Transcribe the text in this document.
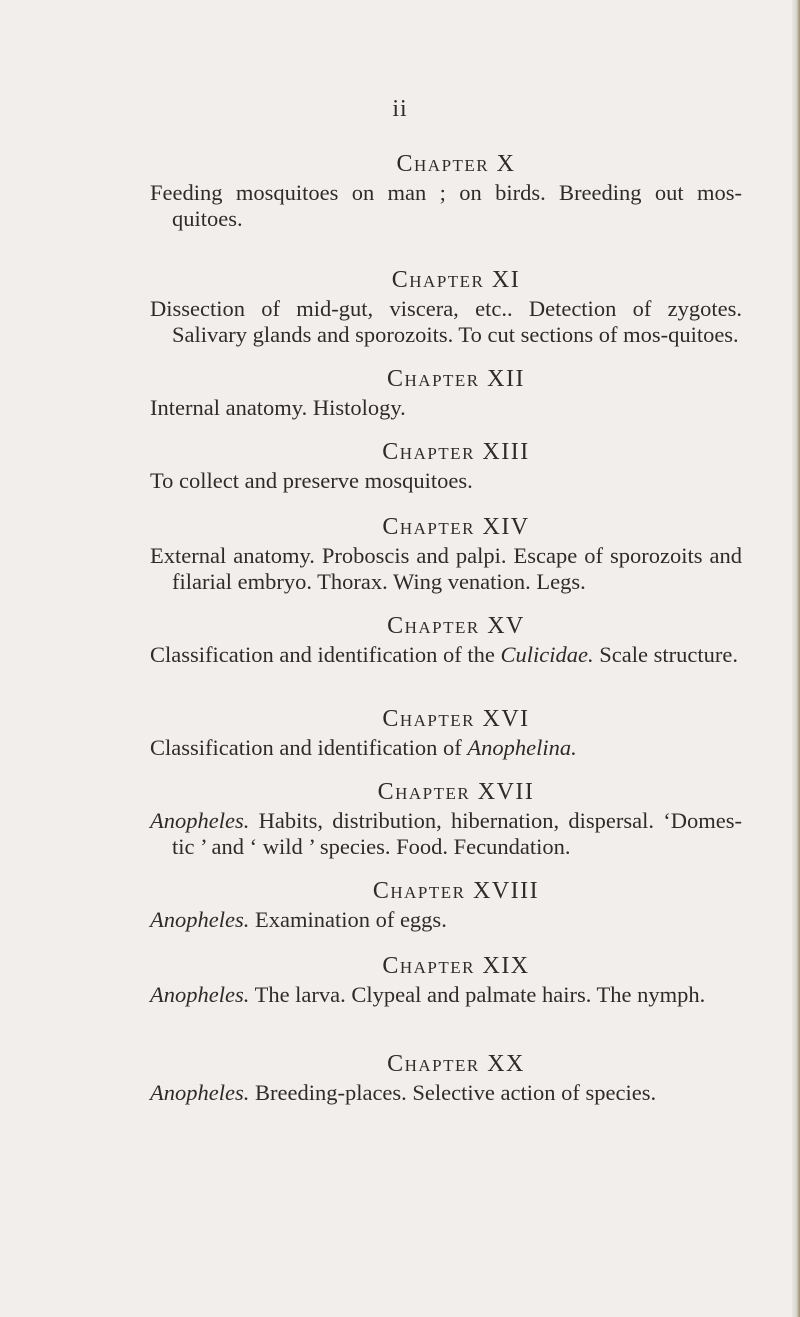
ii
Chapter X

Feeding mosquitoes on man ; on birds. Breeding out mos-quitoes.

Chapter XI

Dissection of mid-gut, viscera, etc.. Detection of zygotes. Salivary glands and sporozoits. To cut sections of mos-quitoes.

Chapter XII

Internal anatomy. Histology.

Chapter XIII

To collect and preserve mosquitoes.

Chapter XIV

External anatomy. Proboscis and palpi. Escape of sporozoits and filarial embryo. Thorax. Wing venation. Legs.

Chapter XV

Classification and identification of the Culicidae. Scale structure.

Chapter XVI

Classification and identification of Anophelina.

Chapter XVII

Anopheles. Habits, distribution, hibernation, dispersal. ‘Domes-tic ’ and ‘ wild ’ species. Food. Fecundation.

Chapter XVIII

Anopheles. Examination of eggs.

Chapter XIX

Anopheles. The larva. Clypeal and palmate hairs. The nymph.

Chapter XX

Anopheles. Breeding-places. Selective action of species.
